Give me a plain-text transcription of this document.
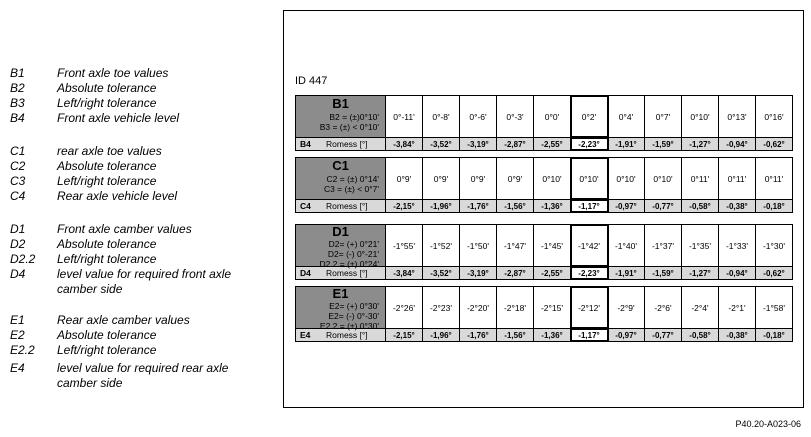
B1	Front axle toe values
B2	Absolute tolerance
B3	Left/right tolerance
B4	Front axle vehicle level
C1	rear axle toe values
C2	Absolute tolerance
C3	Left/right tolerance
C4	Rear axle vehicle level
D1	Front axle camber values
D2	Absolute tolerance
D2.2	Left/right tolerance
D4	level value for required front axle camber side
E1	Rear axle camber values
E2	Absolute tolerance
E2.2	Left/right tolerance
E4	level value for required rear axle camber side
ID 447
B1
B2 = (±)0°10'
B3 = (±) < 0°10'
0°-11'	0°-8'	0°-6'	0°-3'	0°0'	0°2'	0°4'	0°7'	0°10'	0°13'	0°16'
B4	Romess [°]	-3,84°	-3,52°	-3,19°	-2,87°	-2,55°	-2,23°	-1,91°	-1,59°	-1,27°	-0,94°	-0,62°
C1
C2 = (±) 0°14'
C3 = (±) < 0°7'
0°9'	0°9'	0°9'	0°9'	0°10'	0°10'	0°10'	0°10'	0°11'	0°11'	0°11'
C4	Romess [°]	-2,15°	-1,96°	-1,76°	-1,56°	-1,36°	-1,17°	-0,97°	-0,77°	-0,58°	-0,38°	-0,18°
D1
D2= (+) 0°21'
D2= (-) 0°-21'
D2.2 = (±) 0°24'
-1°55'	-1°52'	-1°50'	-1°47'	-1°45'	-1°42'	-1°40'	-1°37'	-1°35'	-1°33'	-1°30'
D4	Romess [°]	-3,84°	-3,52°	-3,19°	-2,87°	-2,55°	-2,23°	-1,91°	-1,59°	-1,27°	-0,94°	-0,62°
E1
E2= (+) 0°30'
E2= (-) 0°-30'
E2.2 = (±) 0°30'
-2°26'	-2°23'	-2°20'	-2°18'	-2°15'	-2°12'	-2°9'	-2°6'	-2°4'	-2°1'	-1°58'
E4	Romess [°]	-2,15°	-1,96°	-1,76°	-1,56°	-1,36°	-1,17°	-0,97°	-0,77°	-0,58°	-0,38°	-0,18°
P40.20-A023-06
